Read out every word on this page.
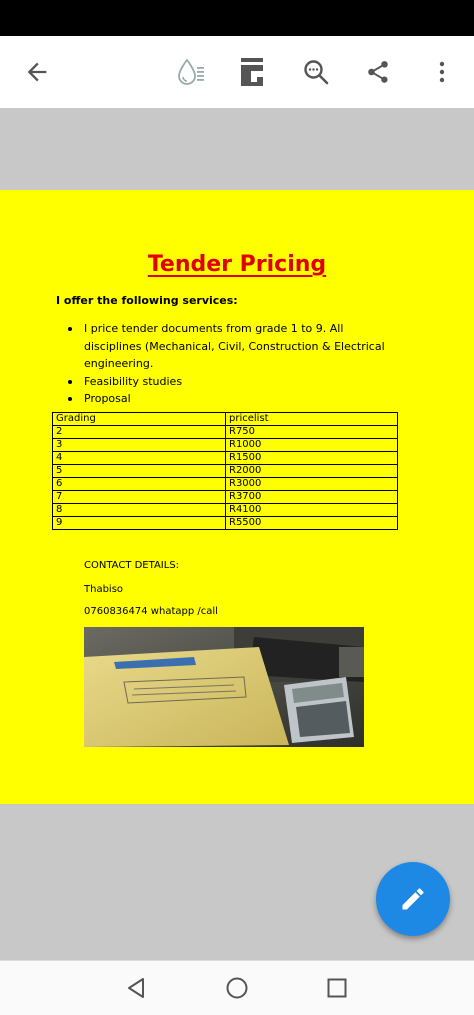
Tender Pricing
I offer the following services:
I price tender documents from grade 1 to 9. All disciplines (Mechanical, Civil, Construction & Electrical engineering.
Feasibility studies
Proposal
Grading	pricelist
2	R750
3	R1000
4	R1500
5	R2000
6	R3000
7	R3700
8	R4100
9	R5500
CONTACT DETAILS:
Thabiso
0760836474 whatapp /call
